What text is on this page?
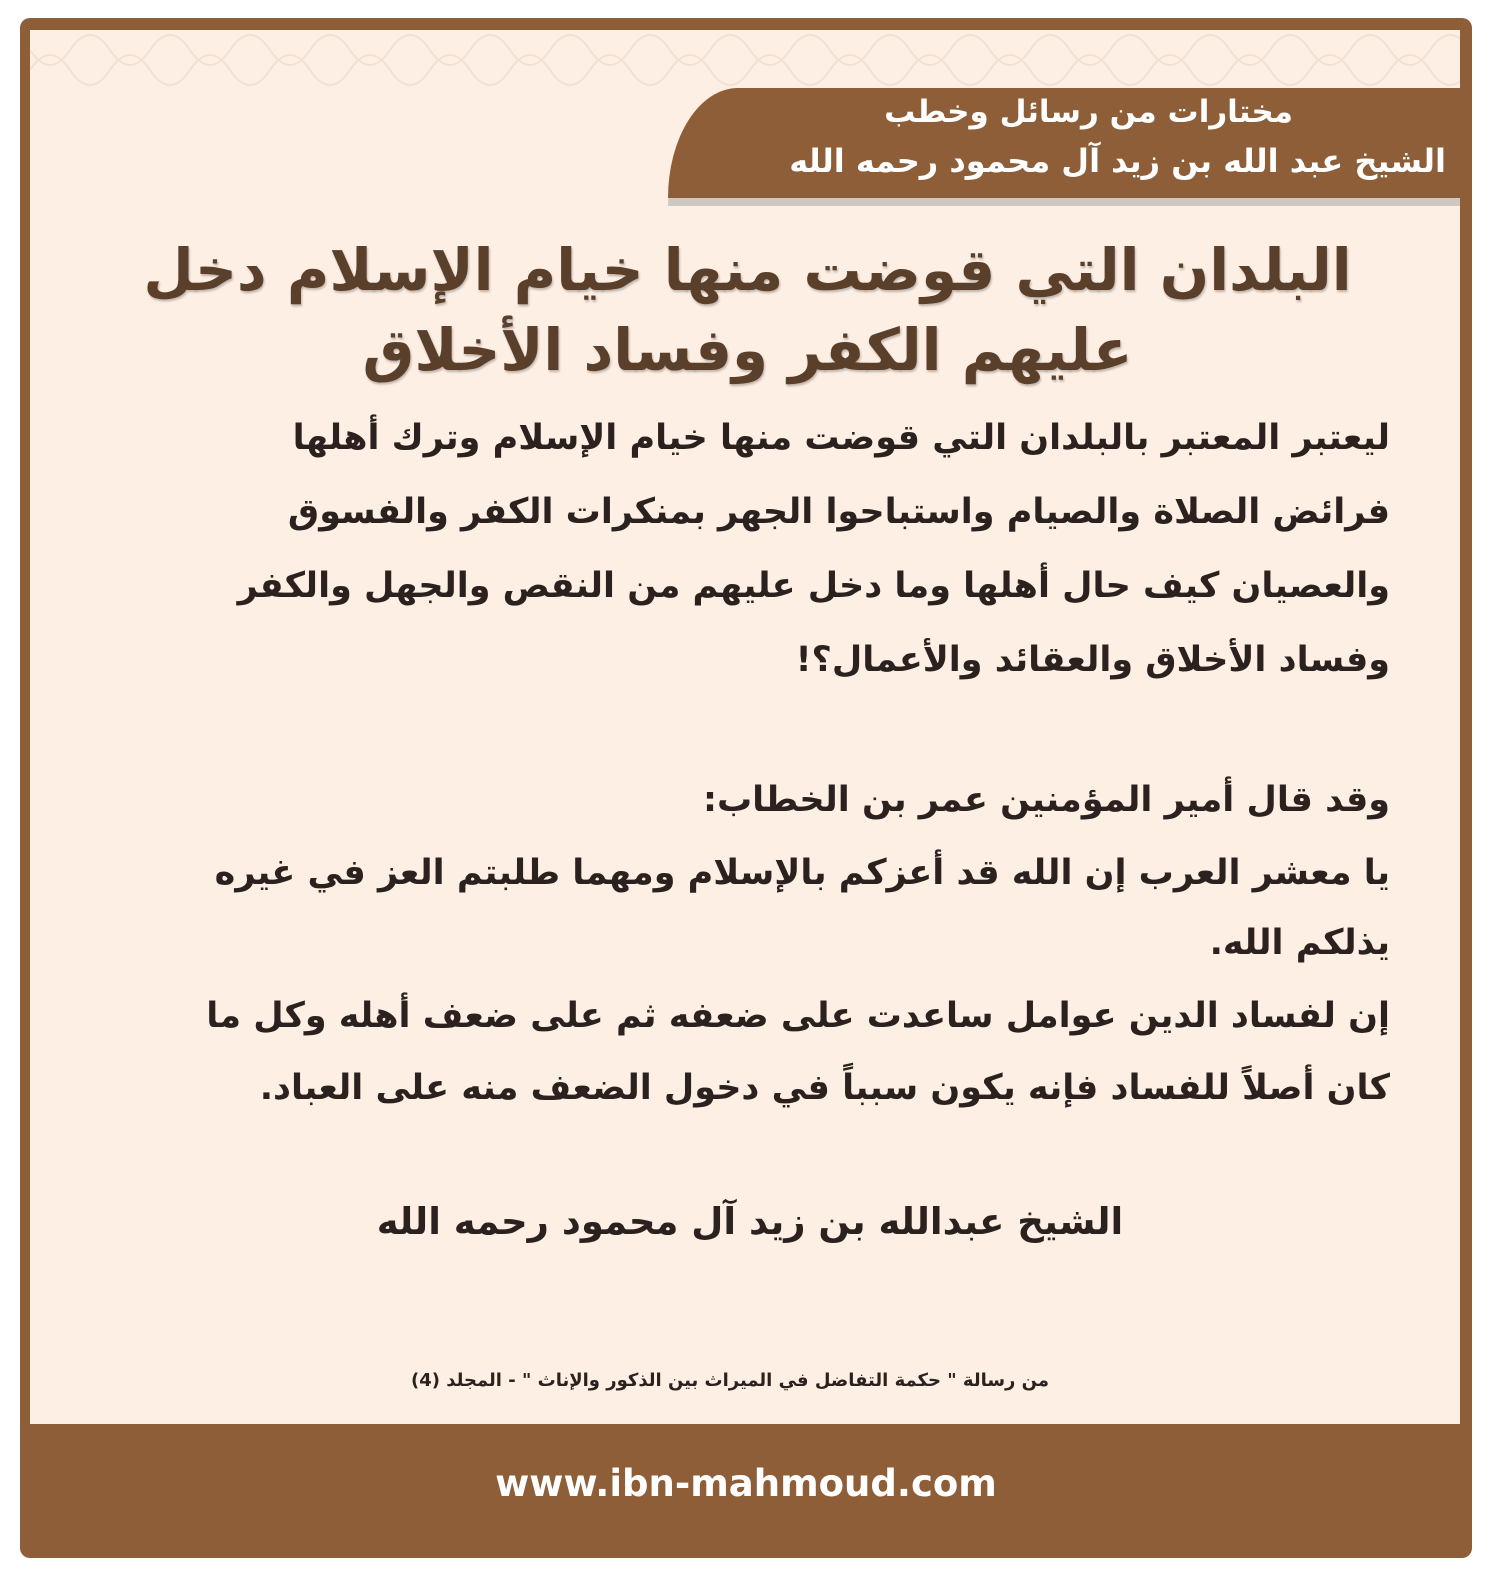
مختارات من رسائل وخطب
الشيخ عبد الله بن زيد آل محمود رحمه الله
البلدان التي قوضت منها خيام الإسلام دخل
عليهم الكفر وفساد الأخلاق
ليعتبر المعتبر بالبلدان التي قوضت منها خيام الإسلام وترك أهلها
فرائض الصلاة والصيام واستباحوا الجهر بمنكرات الكفر والفسوق
والعصيان كيف حال أهلها وما دخل عليهم من النقص والجهل والكفر
وفساد الأخلاق والعقائد والأعمال؟!
وقد قال أمير المؤمنين عمر بن الخطاب:
يا معشر العرب إن الله قد أعزكم بالإسلام ومهما طلبتم العز في غيره
يذلكم الله.
إن لفساد الدين عوامل ساعدت على ضعفه ثم على ضعف أهله وكل ما
كان أصلاً للفساد فإنه يكون سبباً في دخول الضعف منه على العباد.
الشيخ عبدالله بن زيد آل محمود رحمه الله
من رسالة " حكمة التفاضل في الميراث بين الذكور والإناث " - المجلد (4)
www.ibn-mahmoud.com
